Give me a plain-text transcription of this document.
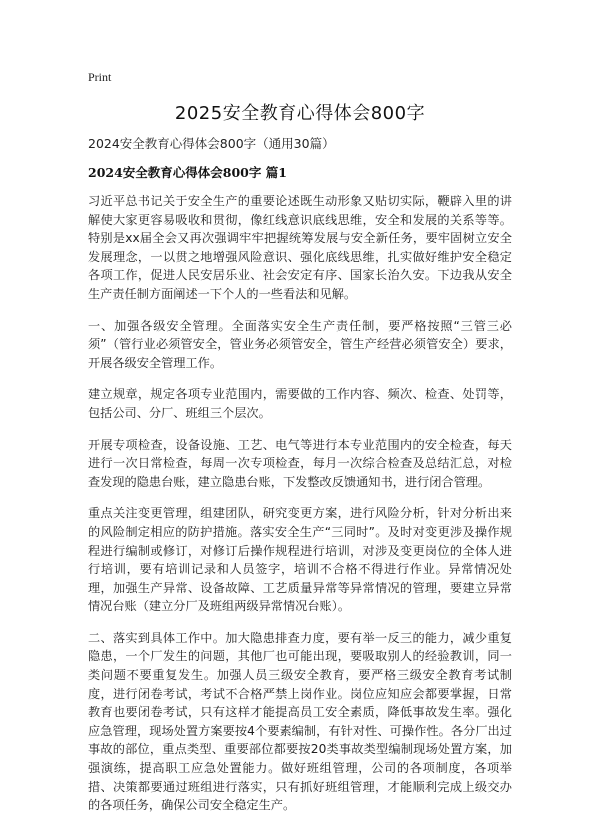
Print
2025安全教育心得体会800字
2024安全教育心得体会800字（通用30篇）
2024安全教育心得体会800字 篇1

习近平总书记关于安全生产的重要论述既生动形象又贴切实际，鞭辟入里的讲解使大家更容易吸收和贯彻，像红线意识底线思维，安全和发展的关系等等。特别是xx届全会又再次强调牢牢把握统筹发展与安全新任务，要牢固树立安全发展理念，一以贯之地增强风险意识、强化底线思维，扎实做好维护安全稳定各项工作，促进人民安居乐业、社会安定有序、国家长治久安。下边我从安全生产责任制方面阐述一下个人的一些看法和见解。

一、加强各级安全管理。全面落实安全生产责任制，要严格按照“三管三必须”（管行业必须管安全，管业务必须管安全，管生产经营必须管安全）要求，开展各级安全管理工作。

建立规章，规定各项专业范围内，需要做的工作内容、频次、检查、处罚等，包括公司、分厂、班组三个层次。

开展专项检查，设备设施、工艺、电气等进行本专业范围内的安全检查，每天进行一次日常检查，每周一次专项检查，每月一次综合检查及总结汇总，对检查发现的隐患台账，建立隐患台账，下发整改反馈通知书，进行闭合管理。

重点关注变更管理，组建团队，研究变更方案，进行风险分析，针对分析出来的风险制定相应的防护措施。落实安全生产“三同时”。及时对变更涉及操作规程进行编制或修订，对修订后操作规程进行培训，对涉及变更岗位的全体人进行培训，要有培训记录和人员签字，培训不合格不得进行作业。异常情况处理，加强生产异常、设备故障、工艺质量异常等异常情况的管理，要建立异常情况台账（建立分厂及班组两级异常情况台账）。

二、落实到具体工作中。加大隐患排查力度，要有举一反三的能力，减少重复隐患，一个厂发生的问题，其他厂也可能出现，要吸取别人的经验教训，同一类问题不要重复发生。加强人员三级安全教育，要严格三级安全教育考试制度，进行闭卷考试，考试不合格严禁上岗作业。岗位应知应会都要掌握，日常教育也要闭卷考试，只有这样才能提高员工安全素质，降低事故发生率。强化应急管理，现场处置方案要按4个要素编制，有针对性、可操作性。各分厂出过事故的部位，重点类型、重要部位都要按20类事故类型编制现场处置方案，加强演练，提高职工应急处置能力。做好班组管理，公司的各项制度，各项举措、决策都要通过班组进行落实，只有抓好班组管理，才能顺利完成上级交办的各项任务，确保公司安全稳定生产。
